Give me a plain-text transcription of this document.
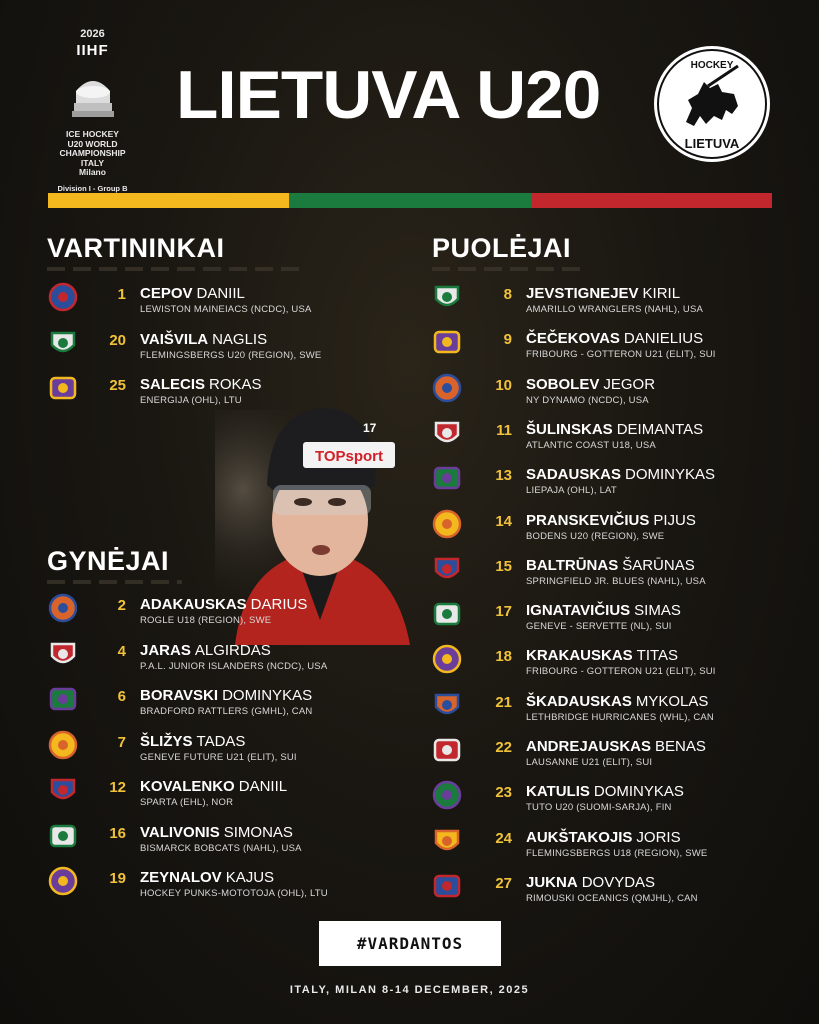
2026
IIHF
ICE HOCKEY
U20 WORLD
CHAMPIONSHIP
ITALY
Milano
Division I - Group B
LIETUVA U20	HOCKEY
LIETUVA
TOPsport
17
VARTININKAI	PUOLĖJAI
GYNĖJAI
1 CEPOV DANIIL
LEWISTON MAINEIACS (NCDC), USA
20 VAIŠVILA NAGLIS
FLEMINGSBERGS U20 (REGION), SWE
25 SALECIS ROKAS
ENERGIJA (OHL), LTU
2 ADAKAUSKAS DARIUS
ROGLE U18 (REGION), SWE
4 JARAS ALGIRDAS
P.A.L. JUNIOR ISLANDERS (NCDC), USA
6 BORAVSKI DOMINYKAS
BRADFORD RATTLERS (GMHL), CAN
7 ŠLIŽYS TADAS
GENEVE FUTURE U21 (ELIT), SUI
12 KOVALENKO DANIIL
SPARTA (EHL), NOR
16 VALIVONIS SIMONAS
BISMARCK BOBCATS (NAHL), USA
19 ZEYNALOV KAJUS
HOCKEY PUNKS-MOTOTOJA (OHL), LTU
8 JEVSTIGNEJEV KIRIL
AMARILLO WRANGLERS (NAHL), USA
9 ČEČEKOVAS DANIELIUS
FRIBOURG - GOTTERON U21 (ELIT), SUI
10 SOBOLEV JEGOR
NY DYNAMO (NCDC), USA
11 ŠULINSKAS DEIMANTAS
ATLANTIC COAST U18, USA
13 SADAUSKAS DOMINYKAS
LIEPAJA (OHL), LAT
14 PRANSKEVIČIUS PIJUS
BODENS U20 (REGION), SWE
15 BALTRŪNAS ŠARŪNAS
SPRINGFIELD JR. BLUES (NAHL), USA
17 IGNATAVIČIUS SIMAS
GENEVE - SERVETTE (NL), SUI
18 KRAKAUSKAS TITAS
FRIBOURG - GOTTERON U21 (ELIT), SUI
21 ŠKADAUSKAS MYKOLAS
LETHBRIDGE HURRICANES (WHL), CAN
22 ANDREJAUSKAS BENAS
LAUSANNE U21 (ELIT), SUI
23 KATULIS DOMINYKAS
TUTO U20 (SUOMI-SARJA), FIN
24 AUKŠTAKOJIS JORIS
FLEMINGSBERGS U18 (REGION), SWE
27 JUKNA DOVYDAS
RIMOUSKI OCEANICS (QMJHL), CAN
#VARDANTOS
ITALY, MILAN 8-14 DECEMBER, 2025
